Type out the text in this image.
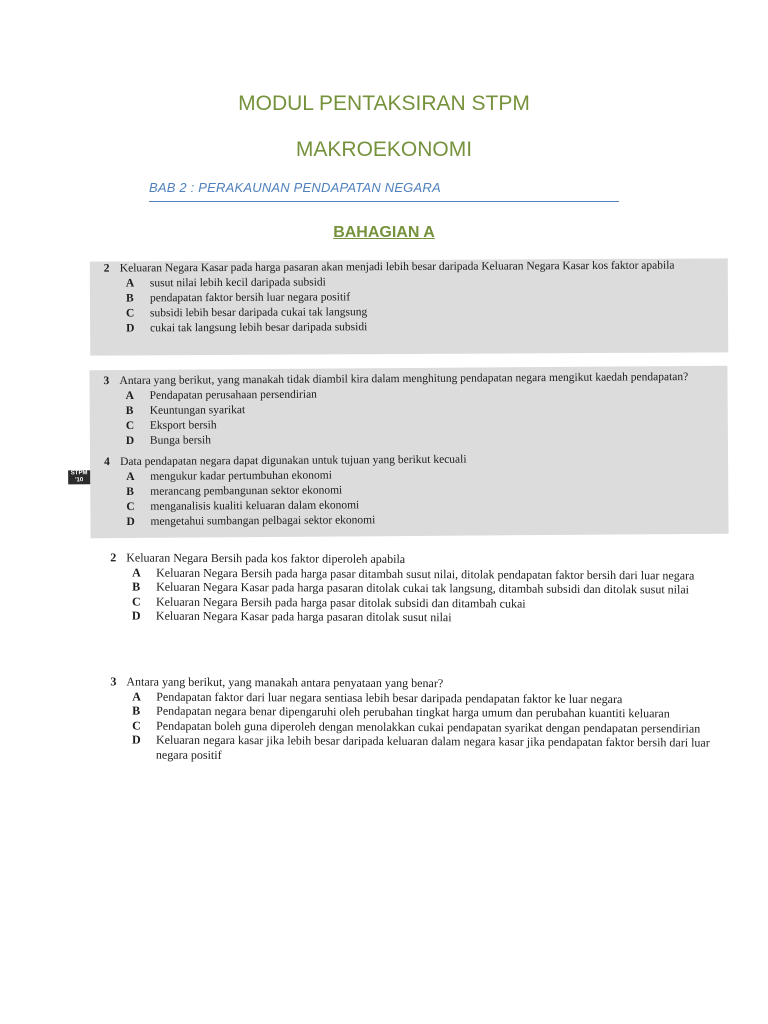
MODUL PENTAKSIRAN STPM
MAKROEKONOMI
BAB 2 : PERAKAUNAN PENDAPATAN NEGARA
BAHAGIAN A
2 Keluaran Negara Kasar pada harga pasaran akan menjadi lebih besar daripada Keluaran Negara Kasar kos faktor apabila
A	susut nilai lebih kecil daripada subsidi
B	pendapatan faktor bersih luar negara positif
C	subsidi lebih besar daripada cukai tak langsung
D	cukai tak langsung lebih besar daripada subsidi
3 Antara yang berikut, yang manakah tidak diambil kira dalam menghitung pendapatan negara mengikut kaedah pendapatan?
A	Pendapatan perusahaan persendirian
B	Keuntungan syarikat
C	Eksport bersih
D	Bunga bersih
4 Data pendapatan negara dapat digunakan untuk tujuan yang berikut kecuali
STPM '10	A	mengukur kadar pertumbuhan ekonomi
B	merancang pembangunan sektor ekonomi
C	menganalisis kualiti keluaran dalam ekonomi
D	mengetahui sumbangan pelbagai sektor ekonomi
2 Keluaran Negara Bersih pada kos faktor diperoleh apabila
A	Keluaran Negara Bersih pada harga pasar ditambah susut nilai, ditolak pendapatan faktor bersih dari luar negara
B	Keluaran Negara Kasar pada harga pasaran ditolak cukai tak langsung, ditambah subsidi dan ditolak susut nilai
C	Keluaran Negara Bersih pada harga pasar ditolak subsidi dan ditambah cukai
D	Keluaran Negara Kasar pada harga pasaran ditolak susut nilai
3 Antara yang berikut, yang manakah antara penyataan yang benar?
A	Pendapatan faktor dari luar negara sentiasa lebih besar daripada pendapatan faktor ke luar negara
B	Pendapatan negara benar dipengaruhi oleh perubahan tingkat harga umum dan perubahan kuantiti keluaran
C	Pendapatan boleh guna diperoleh dengan menolakkan cukai pendapatan syarikat dengan pendapatan persendirian
D	Keluaran negara kasar jika lebih besar daripada keluaran dalam negara kasar jika pendapatan faktor bersih dari luar negara positif
